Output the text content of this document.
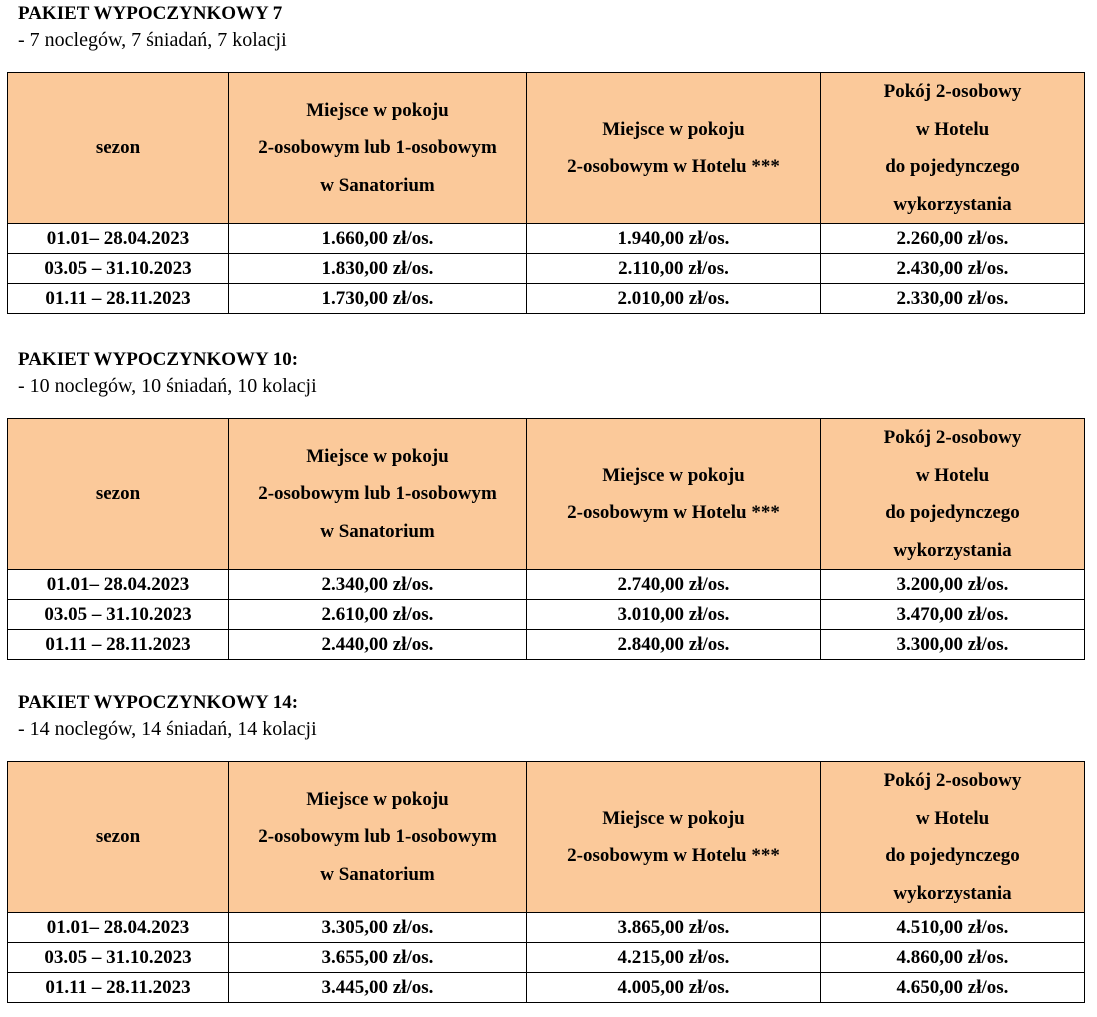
PAKIET WYPOCZYNKOWY 7
- 7 noclegów, 7 śniadań, 7 kolacji
sezon	Miejsce w pokoju
2-osobowym lub 1-osobowym
w Sanatorium	Miejsce w pokoju
2-osobowym w Hotelu ***	Pokój 2-osobowy
w Hotelu
do pojedynczego
wykorzystania

01.01– 28.04.2023	1.660,00 zł/os.	1.940,00 zł/os.	2.260,00 zł/os.
03.05 – 31.10.2023	1.830,00 zł/os.	2.110,00 zł/os.	2.430,00 zł/os.
01.11 – 28.11.2023	1.730,00 zł/os.	2.010,00 zł/os.	2.330,00 zł/os.
PAKIET WYPOCZYNKOWY 10:
- 10 noclegów, 10 śniadań, 10 kolacji
sezon	Miejsce w pokoju
2-osobowym lub 1-osobowym
w Sanatorium	Miejsce w pokoju
2-osobowym w Hotelu ***	Pokój 2-osobowy
w Hotelu
do pojedynczego
wykorzystania

01.01– 28.04.2023	2.340,00 zł/os.	2.740,00 zł/os.	3.200,00 zł/os.
03.05 – 31.10.2023	2.610,00 zł/os.	3.010,00 zł/os.	3.470,00 zł/os.
01.11 – 28.11.2023	2.440,00 zł/os.	2.840,00 zł/os.	3.300,00 zł/os.
PAKIET WYPOCZYNKOWY 14:
- 14 noclegów, 14 śniadań, 14 kolacji
sezon	Miejsce w pokoju
2-osobowym lub 1-osobowym
w Sanatorium	Miejsce w pokoju
2-osobowym w Hotelu ***	Pokój 2-osobowy
w Hotelu
do pojedynczego
wykorzystania

01.01– 28.04.2023	3.305,00 zł/os.	3.865,00 zł/os.	4.510,00 zł/os.
03.05 – 31.10.2023	3.655,00 zł/os.	4.215,00 zł/os.	4.860,00 zł/os.
01.11 – 28.11.2023	3.445,00 zł/os.	4.005,00 zł/os.	4.650,00 zł/os.
